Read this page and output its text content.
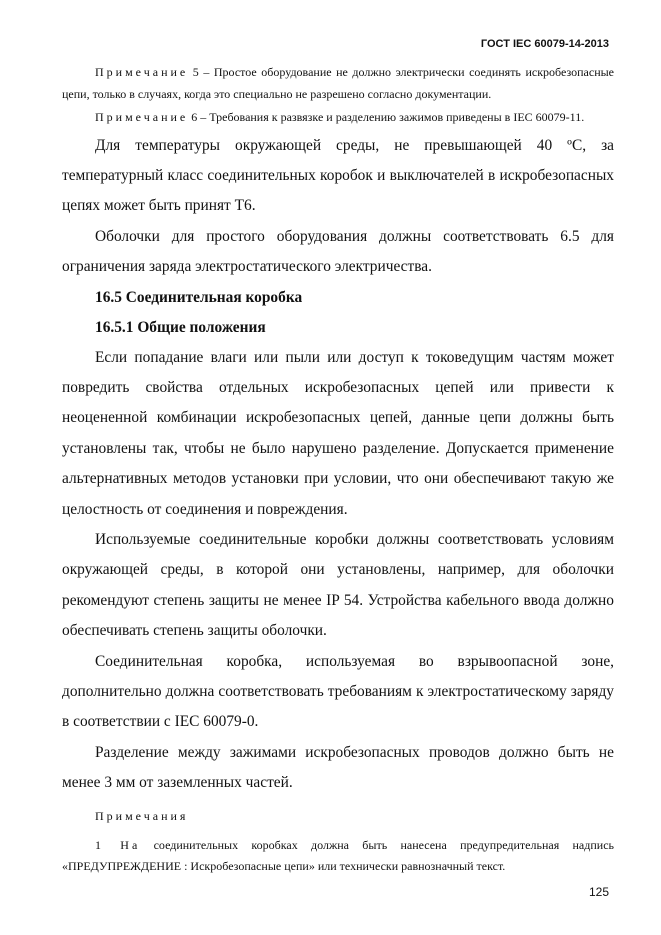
ГОСТ IEC 60079-14-2013

Примечание 5 – Простое оборудование не должно электрически соединять искробезопасные цепи, только в случаях, когда это специально не разрешено согласно документации.

Примечание 6 – Требования к развязке и разделению зажимов приведены в IEC 60079-11.

Для температуры окружающей среды, не превышающей 40 ºС, за температурный класс соединительных коробок и выключателей в искробезопасных цепях может быть принят Т6.

Оболочки для простого оборудования должны соответствовать 6.5 для ограничения заряда электростатического электричества.

16.5 Соединительная коробка

16.5.1 Общие положения

Если попадание влаги или пыли или доступ к токоведущим частям может повредить свойства отдельных искробезопасных цепей или привести к неоцененной комбинации искробезопасных цепей, данные цепи должны быть установлены так, чтобы не было нарушено разделение. Допускается применение альтернативных методов установки при условии, что они обеспечивают такую же целостность от соединения и повреждения.

Используемые соединительные коробки должны соответствовать условиям окружающей среды, в которой они установлены, например, для оболочки рекомендуют степень защиты не менее IP 54. Устройства кабельного ввода должно обеспечивать степень защиты оболочки.

Соединительная коробка, используемая во взрывоопасной зоне, дополнительно должна соответствовать требованиям к электростатическому заряду в соответствии с IEC 60079-0.

Разделение между зажимами искробезопасных проводов должно быть не менее 3 мм от заземленных частей.

Примечания

1 На соединительных коробках должна быть нанесена предупредительная надпись «ПРЕДУПРЕЖДЕНИЕ : Искробезопасные цепи» или технически равнозначный текст.

125
